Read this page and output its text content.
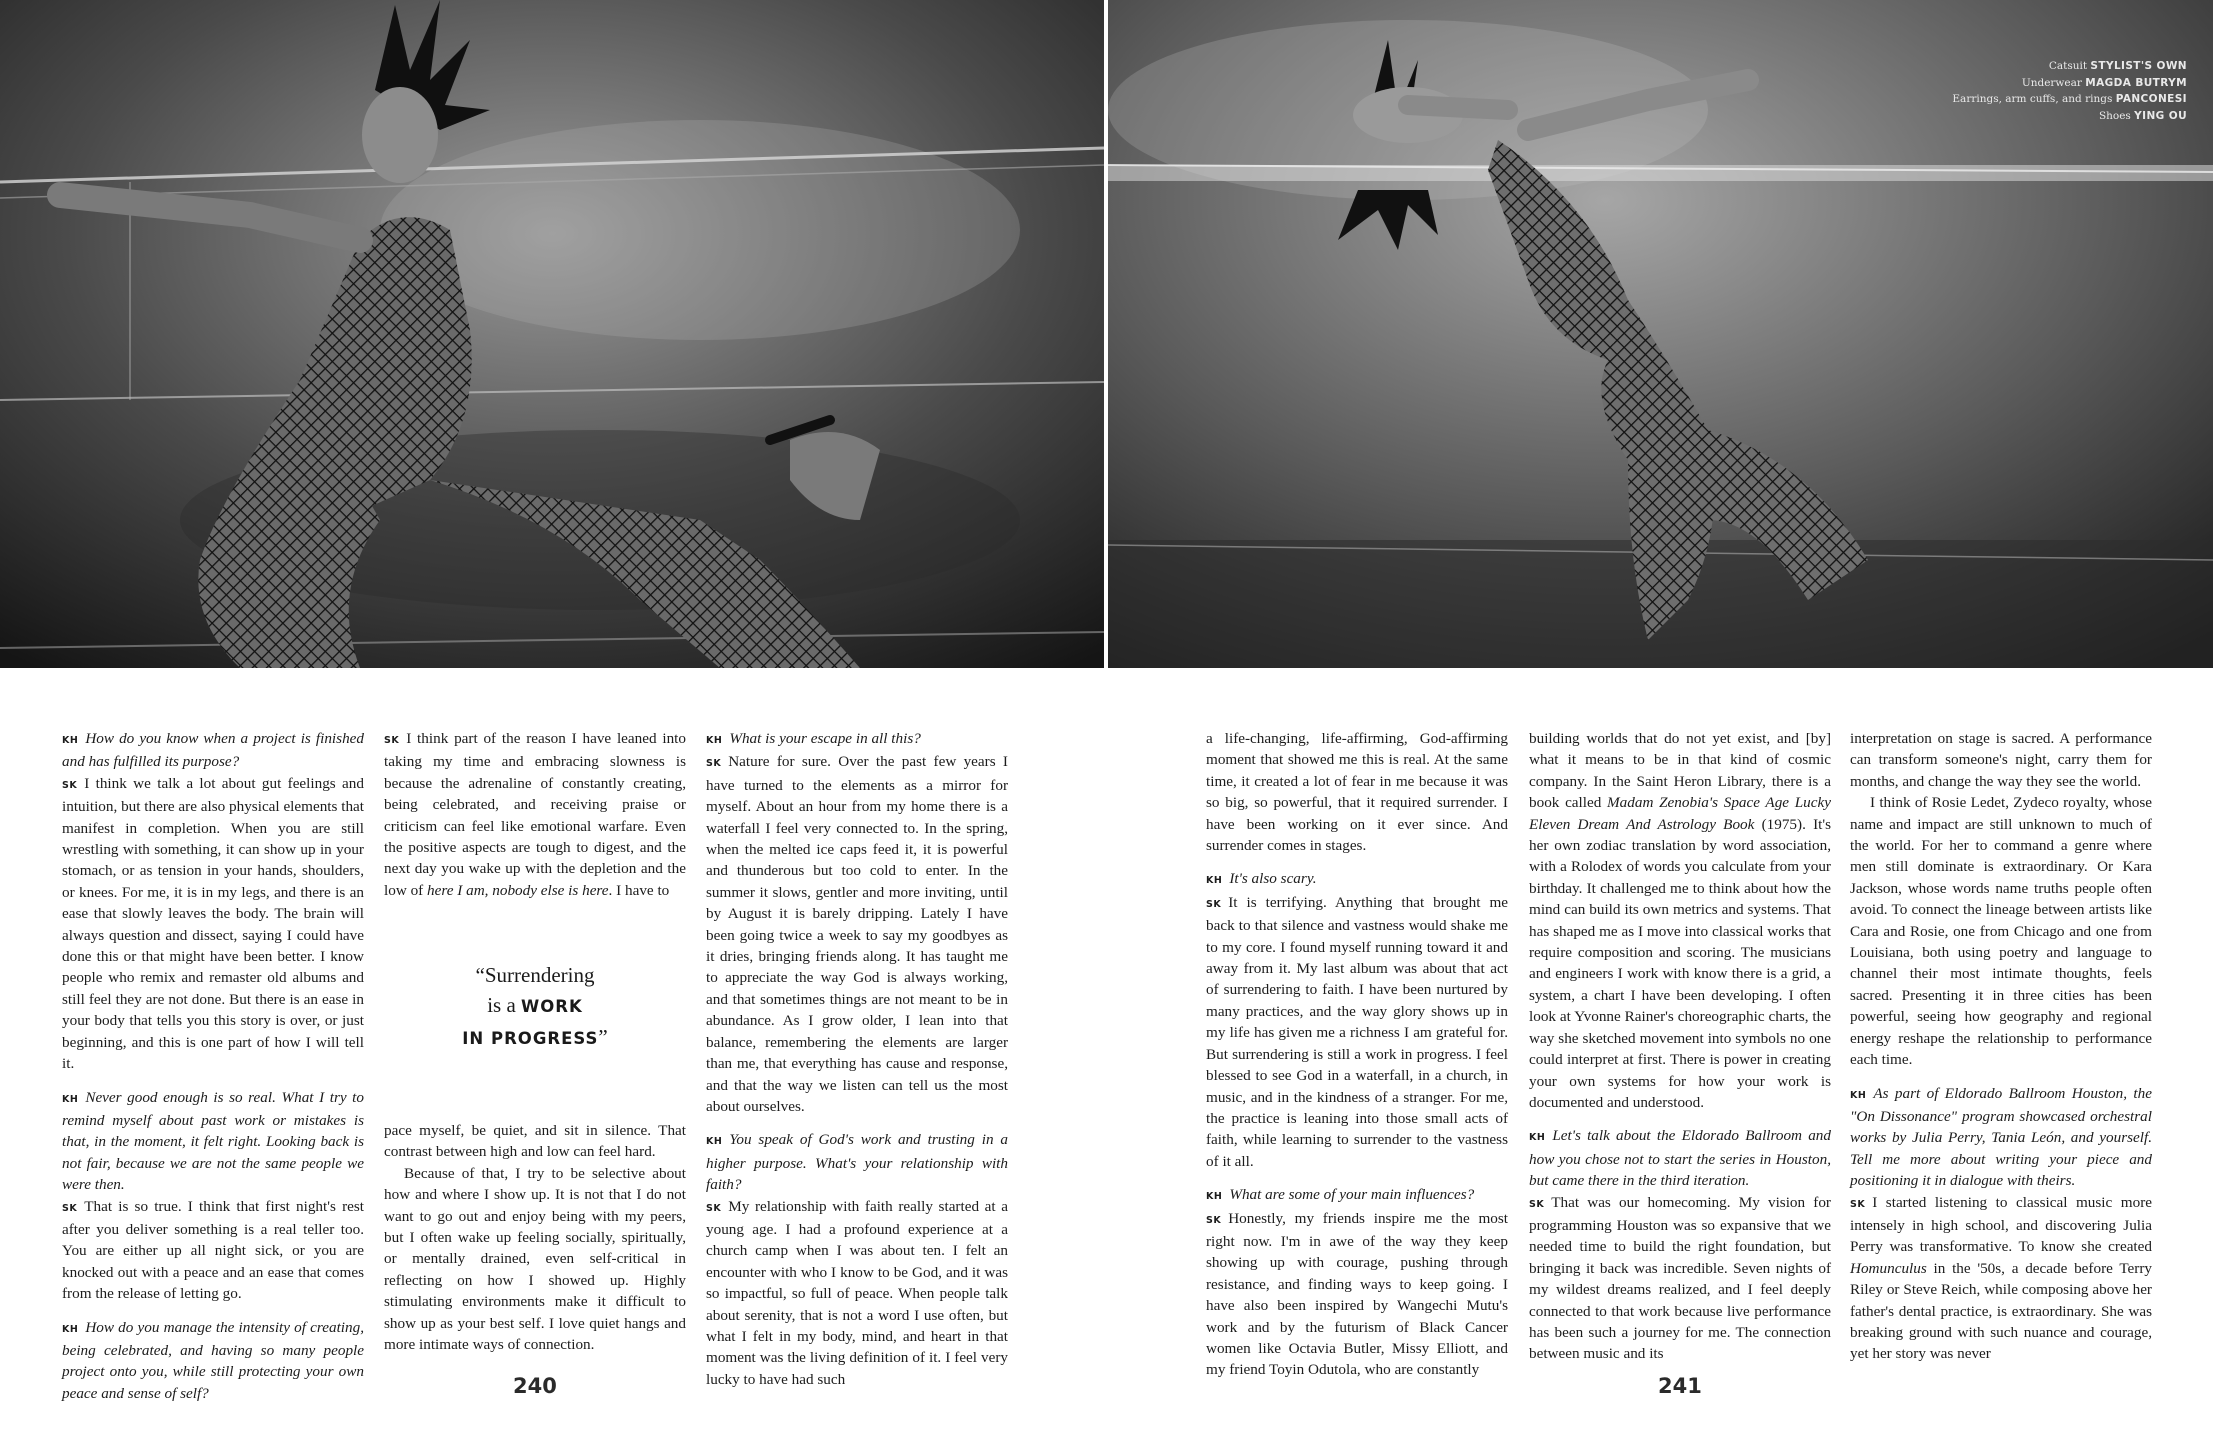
Catsuit STYLIST'S OWN
Underwear MAGDA BUTRYM
Earrings, arm cuffs, and rings PANCONESI
Shoes YING OU

KH How do you know when a project is finished and has fulfilled its purpose?

SK I think we talk a lot about gut feelings and intuition, but there are also physical elements that manifest in completion. When you are still wrestling with something, it can show up in your stomach, or as tension in your hands, shoulders, or knees. For me, it is in my legs, and there is an ease that slowly leaves the body. The brain will always question and dissect, saying I could have done this or that might have been better. I know people who remix and remaster old albums and still feel they are not done. But there is an ease in your body that tells you this story is over, or just beginning, and this is one part of how I will tell it.

KH Never good enough is so real. What I try to remind myself about past work or mistakes is that, in the moment, it felt right. Looking back is not fair, because we are not the same people we were then.

SK That is so true. I think that first night's rest after you deliver something is a real teller too. You are either up all night sick, or you are knocked out with a peace and an ease that comes from the release of letting go.

KH How do you manage the intensity of creating, being celebrated, and having so many people project onto you, while still protecting your own peace and sense of self?

SK I think part of the reason I have leaned into taking my time and embracing slowness is because the adrenaline of constantly creating, being celebrated, and receiving praise or criticism can feel like emotional warfare. Even the positive aspects are tough to digest, and the next day you wake up with the depletion and the low of here I am, nobody else is here. I have to

“Surrendering
is a WORK
IN PROGRESS”

pace myself, be quiet, and sit in silence. That contrast between high and low can feel hard.

Because of that, I try to be selective about how and where I show up. It is not that I do not want to go out and enjoy being with my peers, but I often wake up feeling socially, spiritually, or mentally drained, even self-critical in reflecting on how I showed up. Highly stimulating environments make it difficult to show up as your best self. I love quiet hangs and more intimate ways of connection.

KH What is your escape in all this?

SK Nature for sure. Over the past few years I have turned to the elements as a mirror for myself. About an hour from my home there is a waterfall I feel very connected to. In the spring, when the melted ice caps feed it, it is powerful and thunderous but too cold to enter. In the summer it slows, gentler and more inviting, until by August it is barely dripping. Lately I have been going twice a week to say my goodbyes as it dries, bringing friends along. It has taught me to appreciate the way God is always working, and that sometimes things are not meant to be in abundance. As I grow older, I lean into that balance, remembering the elements are larger than me, that everything has cause and response, and that the way we listen can tell us the most about ourselves.

KH You speak of God's work and trusting in a higher purpose. What's your relationship with faith?

SK My relationship with faith really started at a young age. I had a profound experience at a church camp when I was about ten. I felt an encounter with who I know to be God, and it was so impactful, so full of peace. When people talk about serenity, that is not a word I use often, but what I felt in my body, mind, and heart in that moment was the living definition of it. I feel very lucky to have had such

a life-changing, life-affirming, God-affirming moment that showed me this is real. At the same time, it created a lot of fear in me because it was so big, so powerful, that it required surrender. I have been working on it ever since. And surrender comes in stages.

KH It's also scary.

SK It is terrifying. Anything that brought me back to that silence and vastness would shake me to my core. I found myself running toward it and away from it. My last album was about that act of surrendering to faith. I have been nurtured by many practices, and the way glory shows up in my life has given me a richness I am grateful for. But surrendering is still a work in progress. I feel blessed to see God in a waterfall, in a church, in music, and in the kindness of a stranger. For me, the practice is leaning into those small acts of faith, while learning to surrender to the vastness of it all.

KH What are some of your main influences?

SK Honestly, my friends inspire me the most right now. I'm in awe of the way they keep showing up with courage, pushing through resistance, and finding ways to keep going. I have also been inspired by Wangechi Mutu's work and by the futurism of Black Cancer women like Octavia Butler, Missy Elliott, and my friend Toyin Odutola, who are constantly

building worlds that do not yet exist, and [by] what it means to be in that kind of cosmic company. In the Saint Heron Library, there is a book called Madam Zenobia's Space Age Lucky Eleven Dream And Astrology Book (1975). It's her own zodiac translation by word association, with a Rolodex of words you calculate from your birthday. It challenged me to think about how the mind can build its own metrics and systems. That has shaped me as I move into classical works that require composition and scoring. The musicians and engineers I work with know there is a grid, a system, a chart I have been developing. I often look at Yvonne Rainer's choreographic charts, the way she sketched movement into symbols no one could interpret at first. There is power in creating your own systems for how your work is documented and understood.

KH Let's talk about the Eldorado Ballroom and how you chose not to start the series in Houston, but came there in the third iteration.

SK That was our homecoming. My vision for programming Houston was so expansive that we needed time to build the right foundation, but bringing it back was incredible. Seven nights of my wildest dreams realized, and I feel deeply connected to that work because live performance has been such a journey for me. The connection between music and its

interpretation on stage is sacred. A performance can transform someone's night, carry them for months, and change the way they see the world.

I think of Rosie Ledet, Zydeco royalty, whose name and impact are still unknown to much of the world. For her to command a genre where men still dominate is extraordinary. Or Kara Jackson, whose words name truths people often avoid. To connect the lineage between artists like Cara and Rosie, one from Chicago and one from Louisiana, both using poetry and language to channel their most intimate thoughts, feels sacred. Presenting it in three cities has been powerful, seeing how geography and regional energy reshape the relationship to performance each time.

KH As part of Eldorado Ballroom Houston, the "On Dissonance" program showcased orchestral works by Julia Perry, Tania León, and yourself. Tell me more about writing your piece and positioning it in dialogue with theirs.

SK I started listening to classical music more intensely in high school, and discovering Julia Perry was transformative. To know she created Homunculus in the '50s, a decade before Terry Riley or Steve Reich, while composing above her father's dental practice, is extraordinary. She was breaking ground with such nuance and courage, yet her story was never

240	241
